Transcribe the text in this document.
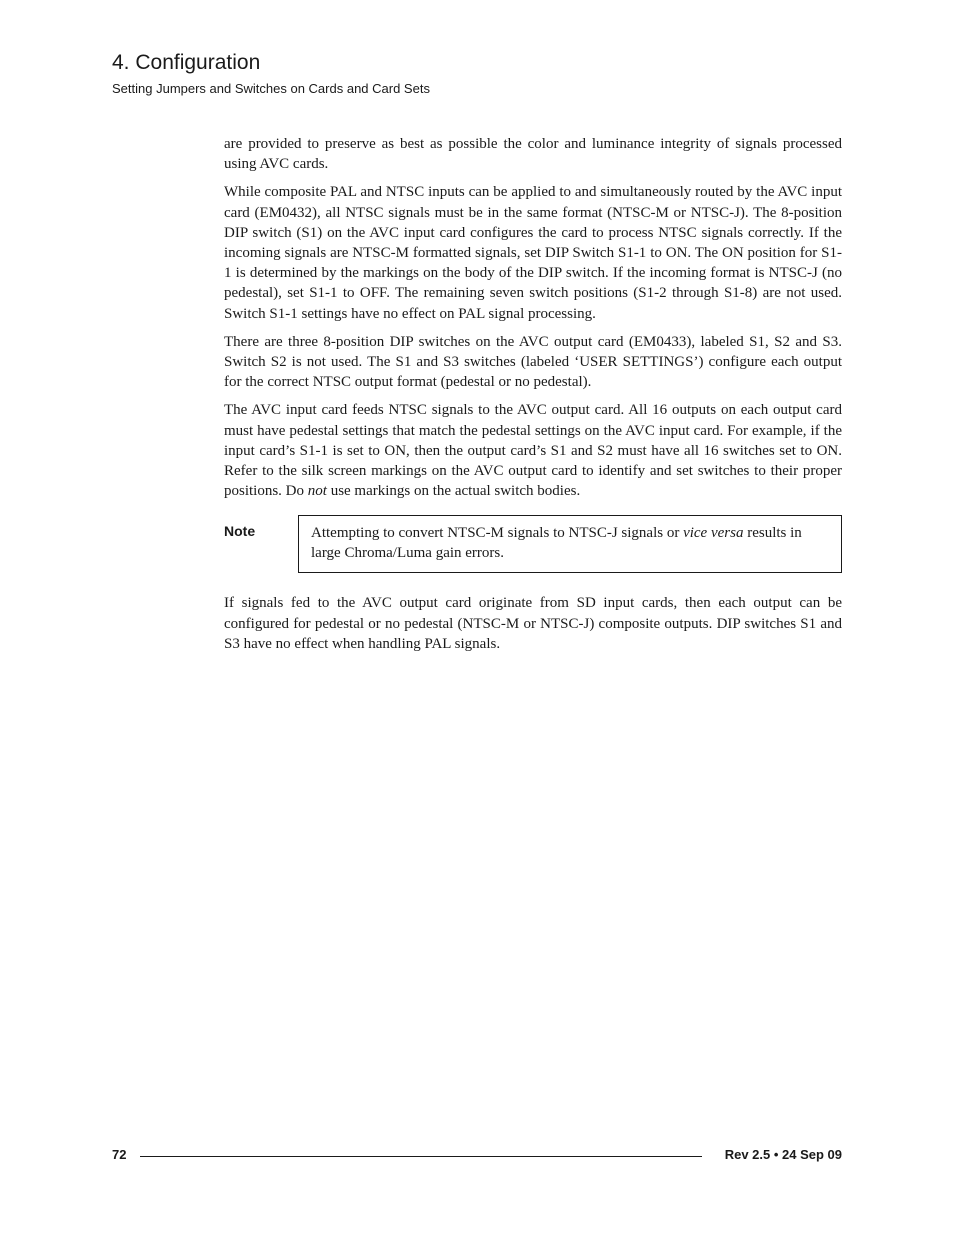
4. Configuration
Setting Jumpers and Switches on Cards and Card Sets

are provided to preserve as best as possible the color and luminance integrity of signals processed using AVC cards.

While composite PAL and NTSC inputs can be applied to and simultaneously routed by the AVC input card (EM0432), all NTSC signals must be in the same format (NTSC-M or NTSC-J). The 8-position DIP switch (S1) on the AVC input card configures the card to process NTSC signals correctly. If the incoming signals are NTSC-M formatted signals, set DIP Switch S1-1 to ON. The ON position for S1-1 is determined by the markings on the body of the DIP switch. If the incoming format is NTSC-J (no pedestal), set S1-1 to OFF. The remaining seven switch positions (S1-2 through S1-8) are not used. Switch S1-1 settings have no effect on PAL signal processing.

There are three 8-position DIP switches on the AVC output card (EM0433), labeled S1, S2 and S3. Switch S2 is not used. The S1 and S3 switches (labeled ‘USER SETTINGS’) configure each output for the correct NTSC output format (pedestal or no pedestal).

The AVC input card feeds NTSC signals to the AVC output card. All 16 outputs on each output card must have pedestal settings that match the pedestal settings on the AVC input card. For example, if the input card’s S1-1 is set to ON, then the output card’s S1 and S2 must have all 16 switches set to ON. Refer to the silk screen markings on the AVC output card to identify and set switches to their proper positions. Do not use markings on the actual switch bodies.

Note	Attempting to convert NTSC-M signals to NTSC-J signals or vice versa results in large Chroma/Luma gain errors.

If signals fed to the AVC output card originate from SD input cards, then each output can be configured for pedestal or no pedestal (NTSC-M or NTSC-J) composite outputs. DIP switches S1 and S3 have no effect when handling PAL signals.

72	Rev 2.5 • 24 Sep 09
